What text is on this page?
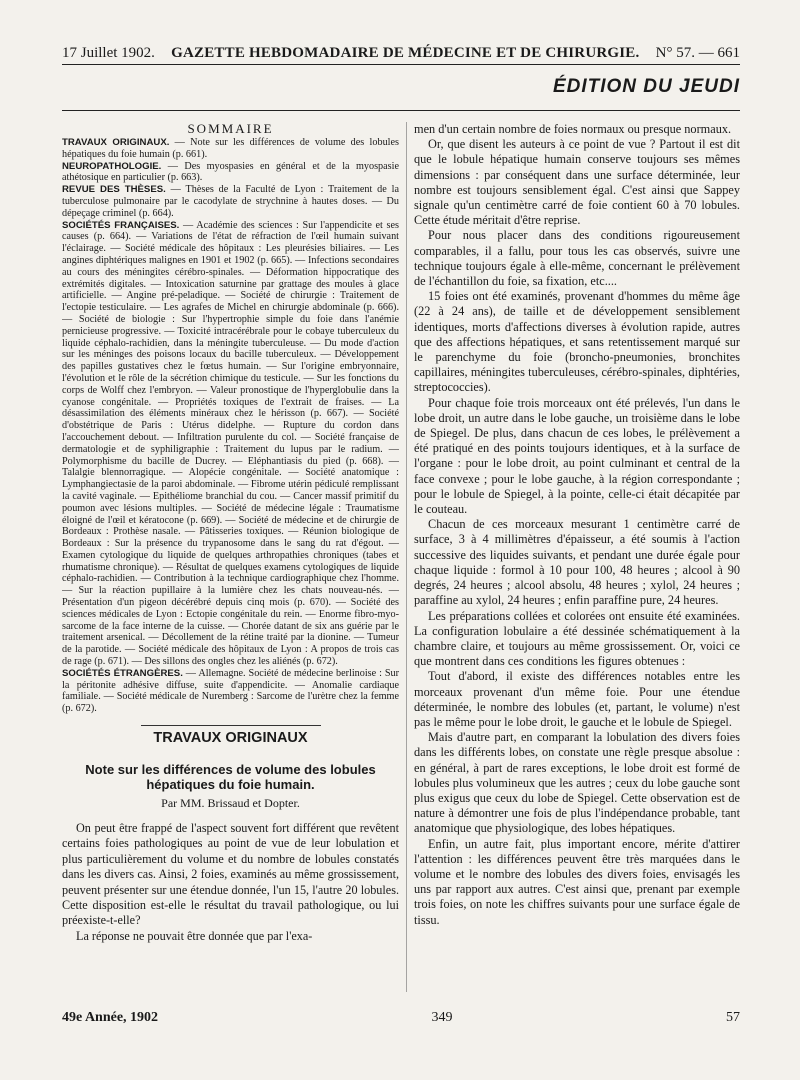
17 Juillet 1902. GAZETTE HEBDOMADAIRE DE MÉDECINE ET DE CHIRURGIE. N° 57. — 661
ÉDITION DU JEUDI
SOMMAIRE

TRAVAUX ORIGINAUX. — Note sur les différences de volume des lobules hépatiques du foie humain (p. 661).

NEUROPATHOLOGIE. — Des myospasies en général et de la myospasie athétosique en particulier (p. 663).

REVUE DES THÈSES. — Thèses de la Faculté de Lyon : Traitement de la tuberculose pulmonaire par le cacodylate de strychnine à hautes doses. — Du dépeçage criminel (p. 664).

SOCIÉTÉS FRANÇAISES. — Académie des sciences : Sur l'appendicite et ses causes (p. 664). — Variations de l'état de réfraction de l'œil humain suivant l'éclairage. — Société médicale des hôpitaux : Les pleurésies biliaires. — Les angines diphtériques malignes en 1901 et 1902 (p. 665). — Infections secondaires au cours des méningites cérébro-spinales. — Déformation hippocratique des extrémités digitales. — Intoxication saturnine par grattage des moules à glace artificielle. — Angine pré-peladique. — Société de chirurgie : Traitement de l'ectopie testiculaire. — Les agrafes de Michel en chirurgie abdominale (p. 666). — Société de biologie : Sur l'hypertrophie simple du foie dans l'anémie pernicieuse progressive. — Toxicité intracérébrale pour le cobaye tuberculeux du liquide céphalo-rachidien, dans la méningite tuberculeuse. — Du mode d'action sur les méninges des poisons locaux du bacille tuberculeux. — Développement des papilles gustatives chez le fœtus humain. — Sur l'origine embryonnaire, l'évolution et le rôle de la sécrétion chimique du testicule. — Sur les fonctions du corps de Wolff chez l'embryon. — Valeur pronostique de l'hyperglobulie dans la cyanose congénitale. — Propriétés toxiques de l'extrait de fraises. — La désassimilation des éléments minéraux chez le hérisson (p. 667). — Société d'obstétrique de Paris : Utérus didelphe. — Rupture du cordon dans l'accouchement debout. — Infiltration purulente du col. — Société française de dermatologie et de syphiligraphie : Traitement du lupus par le radium. — Polymorphisme du bacille de Ducrey. — Eléphantiasis du pied (p. 668). — Talalgie blennorragique. — Alopécie congénitale. — Société anatomique : Lymphangiectasie de la paroi abdominale. — Fibrome utérin pédiculé remplissant la cavité vaginale. — Epithéliome branchial du cou. — Cancer massif primitif du poumon avec lésions multiples. — Société de médecine légale : Traumatisme éloigné de l'œil et kératocone (p. 669). — Société de médecine et de chirurgie de Bordeaux : Prothèse nasale. — Pâtisseries toxiques. — Réunion biologique de Bordeaux : Sur la présence du trypanosome dans le sang du rat d'égout. — Examen cytologique du liquide de quelques arthropathies chroniques (tabes et rhumatisme chronique). — Résultat de quelques examens cytologiques de liquide céphalo-rachidien. — Contribution à la technique cardiographique chez l'homme. — Sur la réaction pupillaire à la lumière chez les chats nouveau-nés. — Présentation d'un pigeon décérébré depuis cinq mois (p. 670). — Société des sciences médicales de Lyon : Ectopie congénitale du rein. — Enorme fibro-myo-sarcome de la face interne de la cuisse. — Chorée datant de six ans guérie par le traitement arsenical. — Décollement de la rétine traité par la dionine. — Tumeur de la parotide. — Société médicale des hôpitaux de Lyon : A propos de trois cas de rage (p. 671). — Des sillons des ongles chez les aliénés (p. 672).

SOCIÉTÉS ÉTRANGÈRES. — Allemagne. Société de médecine berlinoise : Sur la péritonite adhésive diffuse, suite d'appendicite. — Anomalie cardiaque familiale. — Société médicale de Nuremberg : Sarcome de l'urètre chez la femme (p. 672).

TRAVAUX ORIGINAUX
Note sur les différences de volume des lobules hépatiques du foie humain.
Par MM. Brissaud et Dopter.

On peut être frappé de l'aspect souvent fort différent que revêtent certains foies pathologiques au point de vue de leur lobulation et plus particulièrement du volume et du nombre de lobules constatés dans les divers cas. Ainsi, 2 foies, examinés au même grossissement, peuvent présenter sur une étendue donnée, l'un 15, l'autre 20 lobules. Cette disposition est-elle le résultat du travail pathologique, ou lui préexiste-t-elle?

La réponse ne pouvait être donnée que par l'exa-

men d'un certain nombre de foies normaux ou presque normaux.

Or, que disent les auteurs à ce point de vue ? Partout il est dit que le lobule hépatique humain conserve toujours ses mêmes dimensions : par conséquent dans une surface déterminée, leur nombre est toujours sensiblement égal. C'est ainsi que Sappey signale qu'un centimètre carré de foie contient 60 à 70 lobules. Cette étude méritait d'être reprise.

Pour nous placer dans des conditions rigoureusement comparables, il a fallu, pour tous les cas observés, suivre une technique toujours égale à elle-même, concernant le prélèvement de l'échantillon du foie, sa fixation, etc....

15 foies ont été examinés, provenant d'hommes du même âge (22 à 24 ans), de taille et de développement sensiblement identiques, morts d'affections diverses à évolution rapide, autres que des affections hépatiques, et sans retentissement marqué sur le parenchyme du foie (broncho-pneumonies, bronchites capillaires, méningites tuberculeuses, cérébro-spinales, diphtéries, streptococcies).

Pour chaque foie trois morceaux ont été prélevés, l'un dans le lobe droit, un autre dans le lobe gauche, un troisième dans le lobe de Spiegel. De plus, dans chacun de ces lobes, le prélèvement a été pratiqué en des points toujours identiques, et à la surface de l'organe : pour le lobe droit, au point culminant et central de la face convexe ; pour le lobe gauche, à la région correspondante ; pour le lobule de Spiegel, à la pointe, celle-ci était décapitée par le couteau.

Chacun de ces morceaux mesurant 1 centimètre carré de surface, 3 à 4 millimètres d'épaisseur, a été soumis à l'action successive des liquides suivants, et pendant une durée égale pour chaque liquide : formol à 10 pour 100, 48 heures ; alcool à 90 degrés, 24 heures ; alcool absolu, 48 heures ; xylol, 24 heures ; paraffine au xylol, 24 heures ; enfin paraffine pure, 24 heures.

Les préparations collées et colorées ont ensuite été examinées. La configuration lobulaire a été dessinée schématiquement à la chambre claire, et toujours au même grossissement. Or, voici ce que montrent dans ces conditions les figures obtenues :

Tout d'abord, il existe des différences notables entre les morceaux provenant d'un même foie. Pour une étendue déterminée, le nombre des lobules (et, partant, le volume) n'est pas le même pour le lobe droit, le gauche et le lobule de Spiegel.

Mais d'autre part, en comparant la lobulation des divers foies dans les différents lobes, on constate une règle presque absolue : en général, à part de rares exceptions, le lobe droit est formé de lobules plus volumineux que les autres ; ceux du lobe gauche sont plus exigus que ceux du lobe de Spiegel. Cette observation est de nature à démontrer une fois de plus l'indépendance probable, tant anatomique que physiologique, des lobes hépatiques.

Enfin, un autre fait, plus important encore, mérite d'attirer l'attention : les différences peuvent être très marquées dans le volume et le nombre des lobules des divers foies, envisagés les uns par rapport aux autres. C'est ainsi que, prenant par exemple trois foies, on note les chiffres suivants pour une surface égale de tissu.

49e Année, 1902	349	57
